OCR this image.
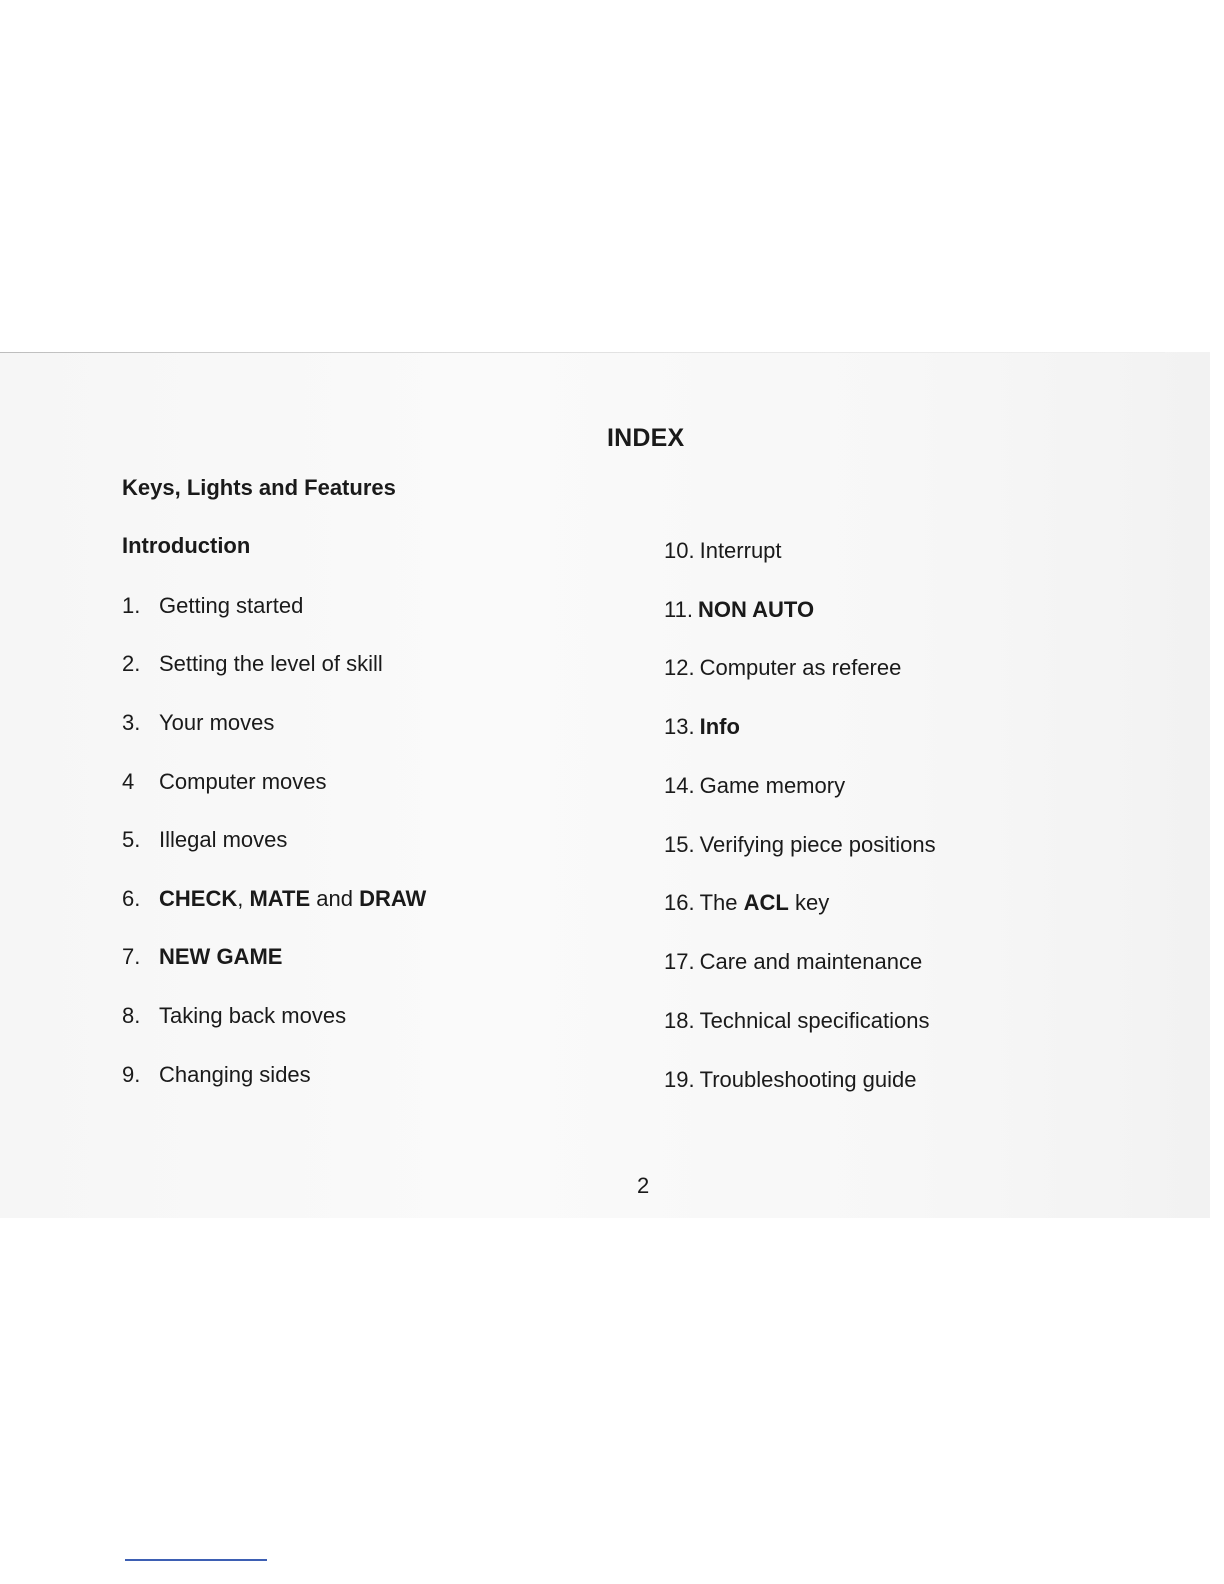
INDEX
Keys, Lights and Features
Introduction
1. Getting started
2. Setting the level of skill
3. Your moves
4 Computer moves
5. Illegal moves
6. CHECK, MATE and DRAW
7. NEW GAME
8. Taking back moves
9. Changing sides
10. Interrupt
11. NON AUTO
12. Computer as referee
13. Info
14. Game memory
15. Verifying piece positions
16. The ACL key
17. Care and maintenance
18. Technical specifications
19. Troubleshooting guide
2
